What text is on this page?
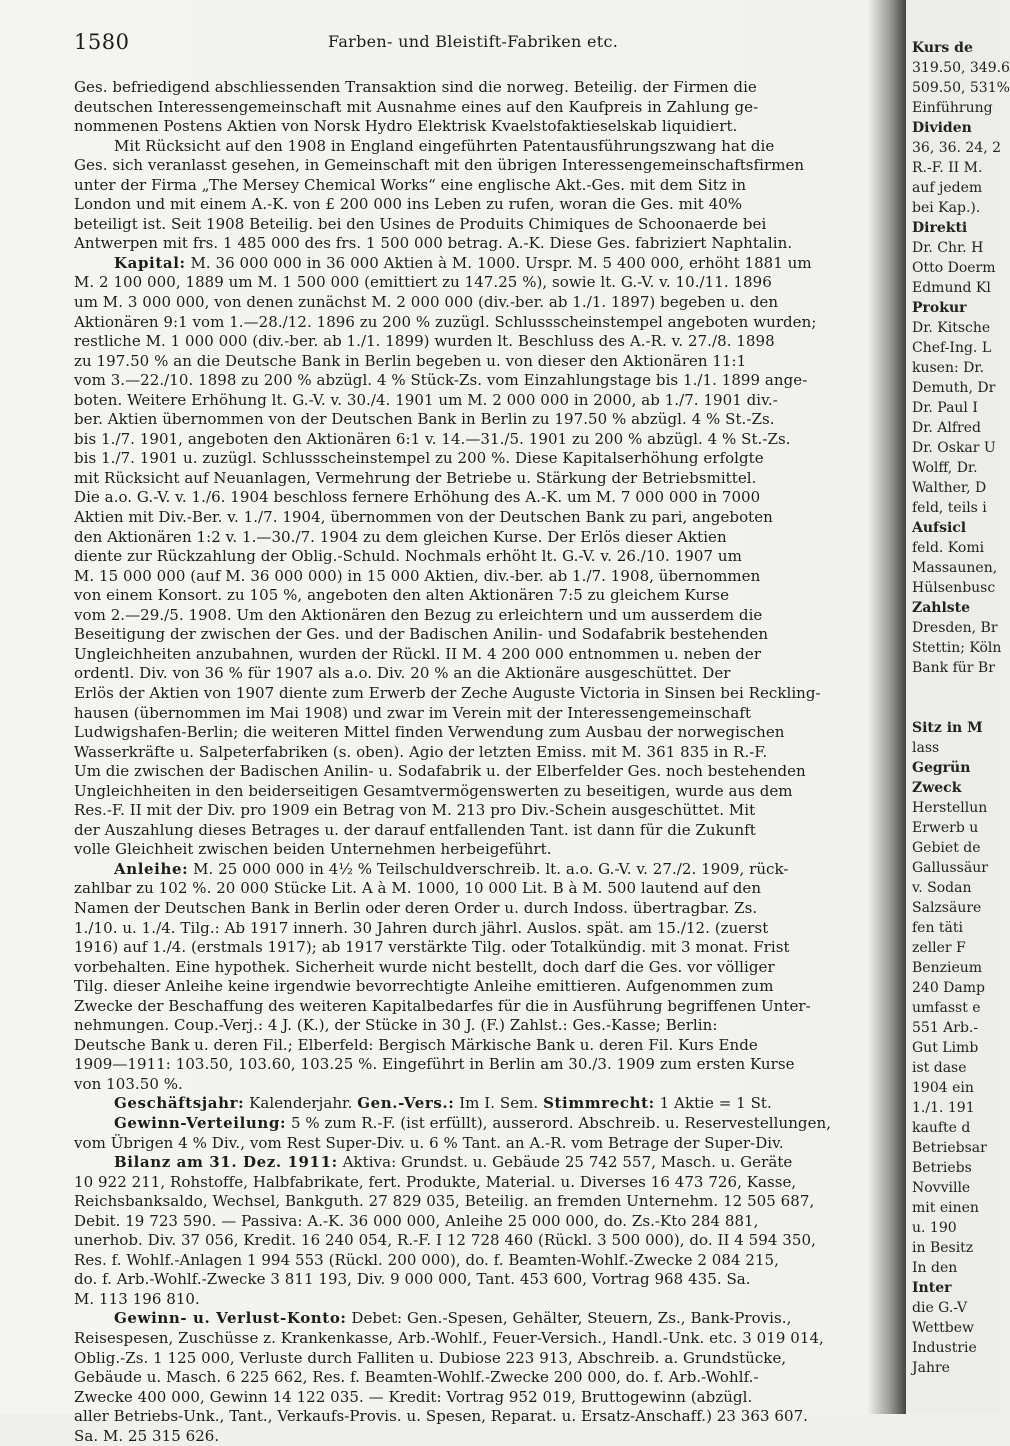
1580	Farben- und Bleistift-Fabriken etc.
Ges. befriedigend abschliessenden Transaktion sind die norweg. Beteilig. der Firmen die
deutschen Interessengemeinschaft mit Ausnahme eines auf den Kaufpreis in Zahlung ge-
nommenen Postens Aktien von Norsk Hydro Elektrisk Kvaelstofaktieselskab liquidiert.
Mit Rücksicht auf den 1908 in England eingeführten Patentausführungszwang hat die
Ges. sich veranlasst gesehen, in Gemeinschaft mit den übrigen Interessengemeinschaftsfirmen
unter der Firma „The Mersey Chemical Works“ eine englische Akt.-Ges. mit dem Sitz in
London und mit einem A.-K. von £ 200 000 ins Leben zu rufen, woran die Ges. mit 40%
beteiligt ist. Seit 1908 Beteilig. bei den Usines de Produits Chimiques de Schoonaerde bei
Antwerpen mit frs. 1 485 000 des frs. 1 500 000 betrag. A.-K. Diese Ges. fabriziert Naphtalin.
Kapital: M. 36 000 000 in 36 000 Aktien à M. 1000. Urspr. M. 5 400 000, erhöht 1881 um
M. 2 100 000, 1889 um M. 1 500 000 (emittiert zu 147.25 %), sowie lt. G.-V. v. 10./11. 1896
um M. 3 000 000, von denen zunächst M. 2 000 000 (div.-ber. ab 1./1. 1897) begeben u. den
Aktionären 9:1 vom 1.—28./12. 1896 zu 200 % zuzügl. Schlussscheinstempel angeboten wurden;
restliche M. 1 000 000 (div.-ber. ab 1./1. 1899) wurden lt. Beschluss des A.-R. v. 27./8. 1898
zu 197.50 % an die Deutsche Bank in Berlin begeben u. von dieser den Aktionären 11:1
vom 3.—22./10. 1898 zu 200 % abzügl. 4 % Stück-Zs. vom Einzahlungstage bis 1./1. 1899 ange-
boten. Weitere Erhöhung lt. G.-V. v. 30./4. 1901 um M. 2 000 000 in 2000, ab 1./7. 1901 div.-
ber. Aktien übernommen von der Deutschen Bank in Berlin zu 197.50 % abzügl. 4 % St.-Zs.
bis 1./7. 1901, angeboten den Aktionären 6:1 v. 14.—31./5. 1901 zu 200 % abzügl. 4 % St.-Zs.
bis 1./7. 1901 u. zuzügl. Schlussscheinstempel zu 200 %. Diese Kapitalserhöhung erfolgte
mit Rücksicht auf Neuanlagen, Vermehrung der Betriebe u. Stärkung der Betriebsmittel.
Die a.o. G.-V. v. 1./6. 1904 beschloss fernere Erhöhung des A.-K. um M. 7 000 000 in 7000
Aktien mit Div.-Ber. v. 1./7. 1904, übernommen von der Deutschen Bank zu pari, angeboten
den Aktionären 1:2 v. 1.—30./7. 1904 zu dem gleichen Kurse. Der Erlös dieser Aktien
diente zur Rückzahlung der Oblig.-Schuld. Nochmals erhöht lt. G.-V. v. 26./10. 1907 um
M. 15 000 000 (auf M. 36 000 000) in 15 000 Aktien, div.-ber. ab 1./7. 1908, übernommen
von einem Konsort. zu 105 %, angeboten den alten Aktionären 7:5 zu gleichem Kurse
vom 2.—29./5. 1908. Um den Aktionären den Bezug zu erleichtern und um ausserdem die
Beseitigung der zwischen der Ges. und der Badischen Anilin- und Sodafabrik bestehenden
Ungleichheiten anzubahnen, wurden der Rückl. II M. 4 200 000 entnommen u. neben der
ordentl. Div. von 36 % für 1907 als a.o. Div. 20 % an die Aktionäre ausgeschüttet. Der
Erlös der Aktien von 1907 diente zum Erwerb der Zeche Auguste Victoria in Sinsen bei Reckling-
hausen (übernommen im Mai 1908) und zwar im Verein mit der Interessengemeinschaft
Ludwigshafen-Berlin; die weiteren Mittel finden Verwendung zum Ausbau der norwegischen
Wasserkräfte u. Salpeterfabriken (s. oben). Agio der letzten Emiss. mit M. 361 835 in R.-F.
Um die zwischen der Badischen Anilin- u. Sodafabrik u. der Elberfelder Ges. noch bestehenden
Ungleichheiten in den beiderseitigen Gesamtvermögenswerten zu beseitigen, wurde aus dem
Res.-F. II mit der Div. pro 1909 ein Betrag von M. 213 pro Div.-Schein ausgeschüttet. Mit
der Auszahlung dieses Betrages u. der darauf entfallenden Tant. ist dann für die Zukunft
volle Gleichheit zwischen beiden Unternehmen herbeigeführt.
Anleihe: M. 25 000 000 in 4½ % Teilschuldverschreib. lt. a.o. G.-V. v. 27./2. 1909, rück-
zahlbar zu 102 %. 20 000 Stücke Lit. A à M. 1000, 10 000 Lit. B à M. 500 lautend auf den
Namen der Deutschen Bank in Berlin oder deren Order u. durch Indoss. übertragbar. Zs.
1./10. u. 1./4. Tilg.: Ab 1917 innerh. 30 Jahren durch jährl. Auslos. spät. am 15./12. (zuerst
1916) auf 1./4. (erstmals 1917); ab 1917 verstärkte Tilg. oder Totalkündig. mit 3 monat. Frist
vorbehalten. Eine hypothek. Sicherheit wurde nicht bestellt, doch darf die Ges. vor völliger
Tilg. dieser Anleihe keine irgendwie bevorrechtigte Anleihe emittieren. Aufgenommen zum
Zwecke der Beschaffung des weiteren Kapitalbedarfes für die in Ausführung begriffenen Unter-
nehmungen. Coup.-Verj.: 4 J. (K.), der Stücke in 30 J. (F.) Zahlst.: Ges.-Kasse; Berlin:
Deutsche Bank u. deren Fil.; Elberfeld: Bergisch Märkische Bank u. deren Fil. Kurs Ende
1909—1911: 103.50, 103.60, 103.25 %. Eingeführt in Berlin am 30./3. 1909 zum ersten Kurse
von 103.50 %.
Geschäftsjahr: Kalenderjahr. Gen.-Vers.: Im I. Sem. Stimmrecht: 1 Aktie = 1 St.
Gewinn-Verteilung: 5 % zum R.-F. (ist erfüllt), ausserord. Abschreib. u. Reservestellungen,
vom Übrigen 4 % Div., vom Rest Super-Div. u. 6 % Tant. an A.-R. vom Betrage der Super-Div.
Bilanz am 31. Dez. 1911: Aktiva: Grundst. u. Gebäude 25 742 557, Masch. u. Geräte
10 922 211, Rohstoffe, Halbfabrikate, fert. Produkte, Material. u. Diverses 16 473 726, Kasse,
Reichsbanksaldo, Wechsel, Bankguth. 27 829 035, Beteilig. an fremden Unternehm. 12 505 687,
Debit. 19 723 590. — Passiva: A.-K. 36 000 000, Anleihe 25 000 000, do. Zs.-Kto 284 881,
unerhob. Div. 37 056, Kredit. 16 240 054, R.-F. I 12 728 460 (Rückl. 3 500 000), do. II 4 594 350,
Res. f. Wohlf.-Anlagen 1 994 553 (Rückl. 200 000), do. f. Beamten-Wohlf.-Zwecke 2 084 215,
do. f. Arb.-Wohlf.-Zwecke 3 811 193, Div. 9 000 000, Tant. 453 600, Vortrag 968 435. Sa.
M. 113 196 810.
Gewinn- u. Verlust-Konto: Debet: Gen.-Spesen, Gehälter, Steuern, Zs., Bank-Provis.,
Reisespesen, Zuschüsse z. Krankenkasse, Arb.-Wohlf., Feuer-Versich., Handl.-Unk. etc. 3 019 014,
Oblig.-Zs. 1 125 000, Verluste durch Falliten u. Dubiose 223 913, Abschreib. a. Grundstücke,
Gebäude u. Masch. 6 225 662, Res. f. Beamten-Wohlf.-Zwecke 200 000, do. f. Arb.-Wohlf.-
Zwecke 400 000, Gewinn 14 122 035. — Kredit: Vortrag 952 019, Bruttogewinn (abzügl.
aller Betriebs-Unk., Tant., Verkaufs-Provis. u. Spesen, Reparat. u. Ersatz-Anschaff.) 23 363 607.
Sa. M. 25 315 626.
Kurs de
319.50, 349.6
509.50, 531%
Einführung
Dividen
36, 36. 24, 2
R.-F. II M.
auf jedem
bei Kap.).
Direkti
Dr. Chr. H
Otto Doerm
Edmund Kl
Prokur
Dr. Kitsche
Chef-Ing. L
kusen: Dr.
Demuth, Dr
Dr. Paul I
Dr. Alfred
Dr. Oskar U
Wolff, Dr.
Walther, D
feld, teils i
Aufsicl
feld. Komi
Massaunen,
Hülsenbusc
Zahlste
Dresden, Br
Stettin; Köln
Bank für Br
Sitz in M
lass
Gegrün
Zweck
Herstellun
Erwerb u
Gebiet de
Gallussäur
v. Sodan
Salzsäure
fen täti
zeller F
Benzieum
240 Damp
umfasst e
551 Arb.-
Gut Limb
ist dase
1904 ein
1./1. 191
kaufte d
Betriebsar
Betriebs
Novville
mit einen
u. 190
in Besitz
In den
Inter
die G.-V
Wettbew
Industrie
Jahre
